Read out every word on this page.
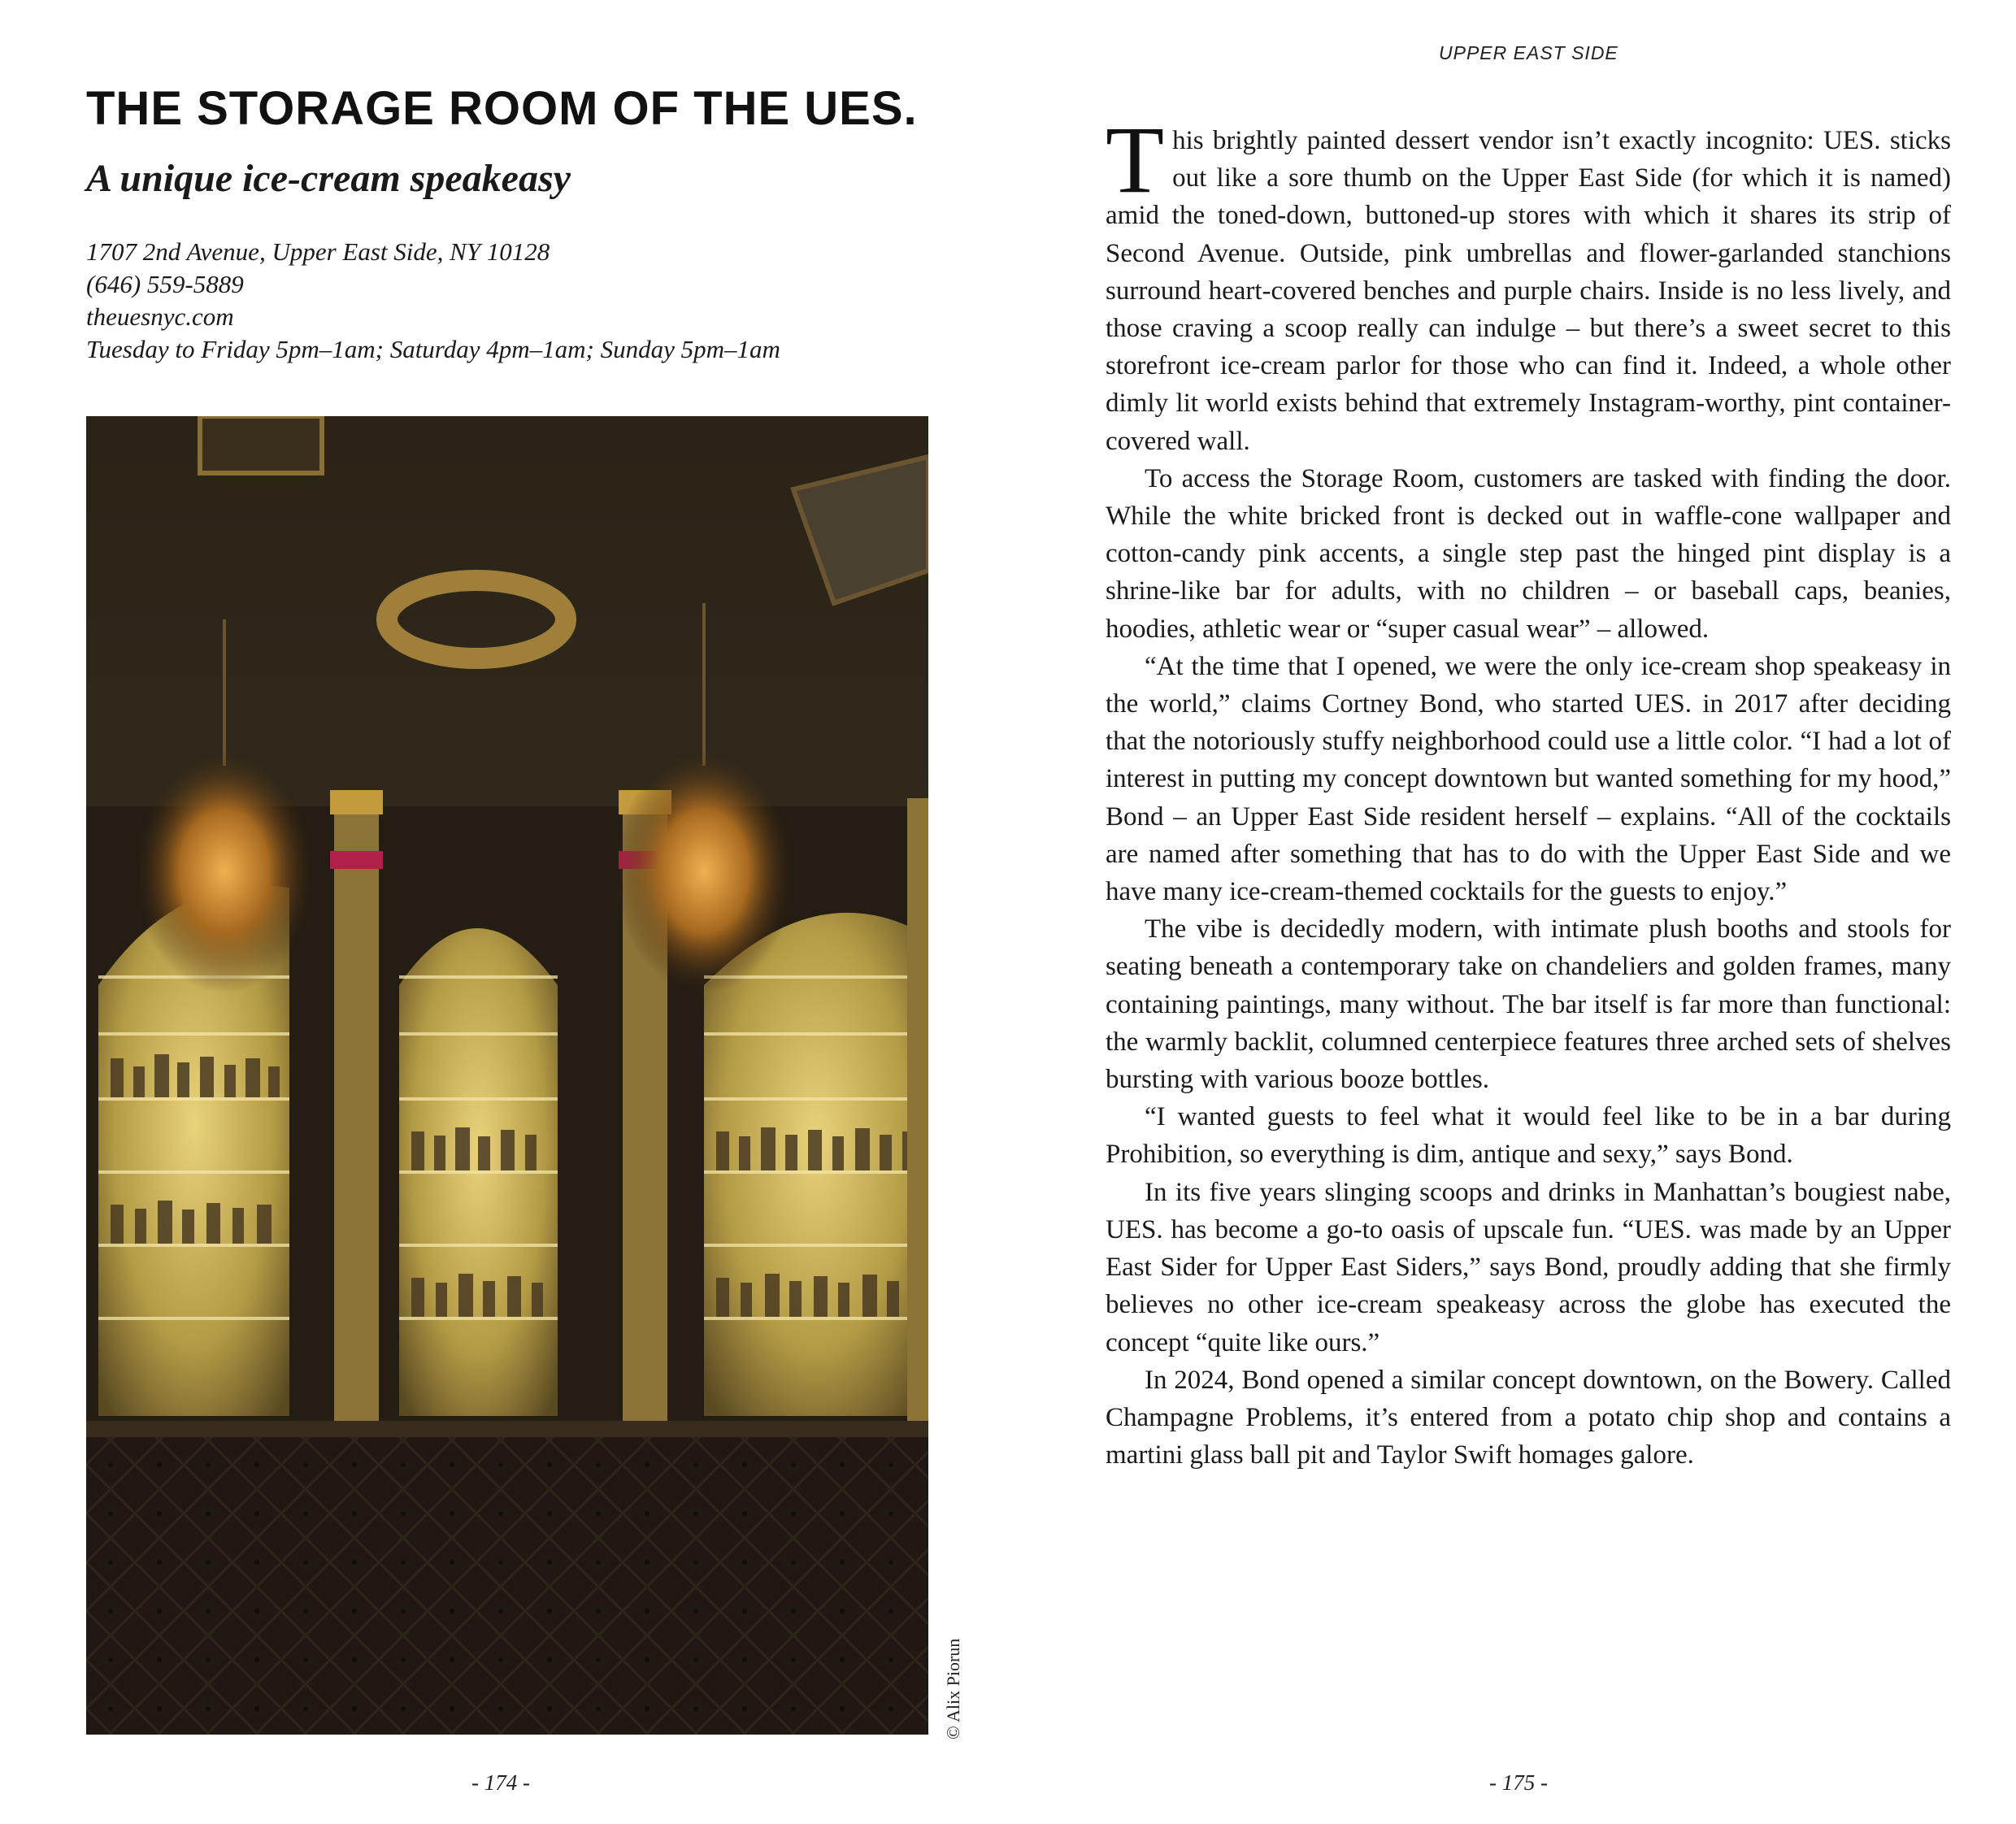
THE STORAGE ROOM OF THE UES.
A unique ice-cream speakeasy
1707 2nd Avenue, Upper East Side, NY 10128
(646) 559-5889
theuesnyc.com
Tuesday to Friday 5pm–1am; Saturday 4pm–1am; Sunday 5pm–1am
© Alix Piorun
- 174 -
UPPER EAST SIDE

This brightly painted dessert vendor isn’t exactly incognito: UES. sticks out like a sore thumb on the Upper East Side (for which it is named) amid the toned-down, buttoned-up stores with which it shares its strip of Second Avenue. Outside, pink umbrellas and flower-garlanded stanchions surround heart-covered benches and purple chairs. Inside is no less lively, and those craving a scoop really can indulge – but there’s a sweet secret to this storefront ice-cream parlor for those who can find it. Indeed, a whole other dimly lit world exists behind that extremely Instagram-worthy, pint container-covered wall.

To access the Storage Room, customers are tasked with finding the door. While the white bricked front is decked out in waffle-cone wallpaper and cotton-candy pink accents, a single step past the hinged pint display is a shrine-like bar for adults, with no children – or baseball caps, beanies, hoodies, athletic wear or “super casual wear” – allowed.

“At the time that I opened, we were the only ice-cream shop speakeasy in the world,” claims Cortney Bond, who started UES. in 2017 after deciding that the notoriously stuffy neighborhood could use a little color. “I had a lot of interest in putting my concept downtown but wanted something for my hood,” Bond – an Upper East Side resident herself – explains. “All of the cocktails are named after something that has to do with the Upper East Side and we have many ice-cream-themed cocktails for the guests to enjoy.”

The vibe is decidedly modern, with intimate plush booths and stools for seating beneath a contemporary take on chandeliers and golden frames, many containing paintings, many without. The bar itself is far more than functional: the warmly backlit, columned centerpiece features three arched sets of shelves bursting with various booze bottles.

“I wanted guests to feel what it would feel like to be in a bar during Prohibition, so everything is dim, antique and sexy,” says Bond.

In its five years slinging scoops and drinks in Manhattan’s bougiest nabe, UES. has become a go-to oasis of upscale fun. “UES. was made by an Upper East Sider for Upper East Siders,” says Bond, proudly adding that she firmly believes no other ice-cream speakeasy across the globe has executed the concept “quite like ours.”

In 2024, Bond opened a similar concept downtown, on the Bowery. Called Champagne Problems, it’s entered from a potato chip shop and contains a martini glass ball pit and Taylor Swift homages galore.

- 175 -
